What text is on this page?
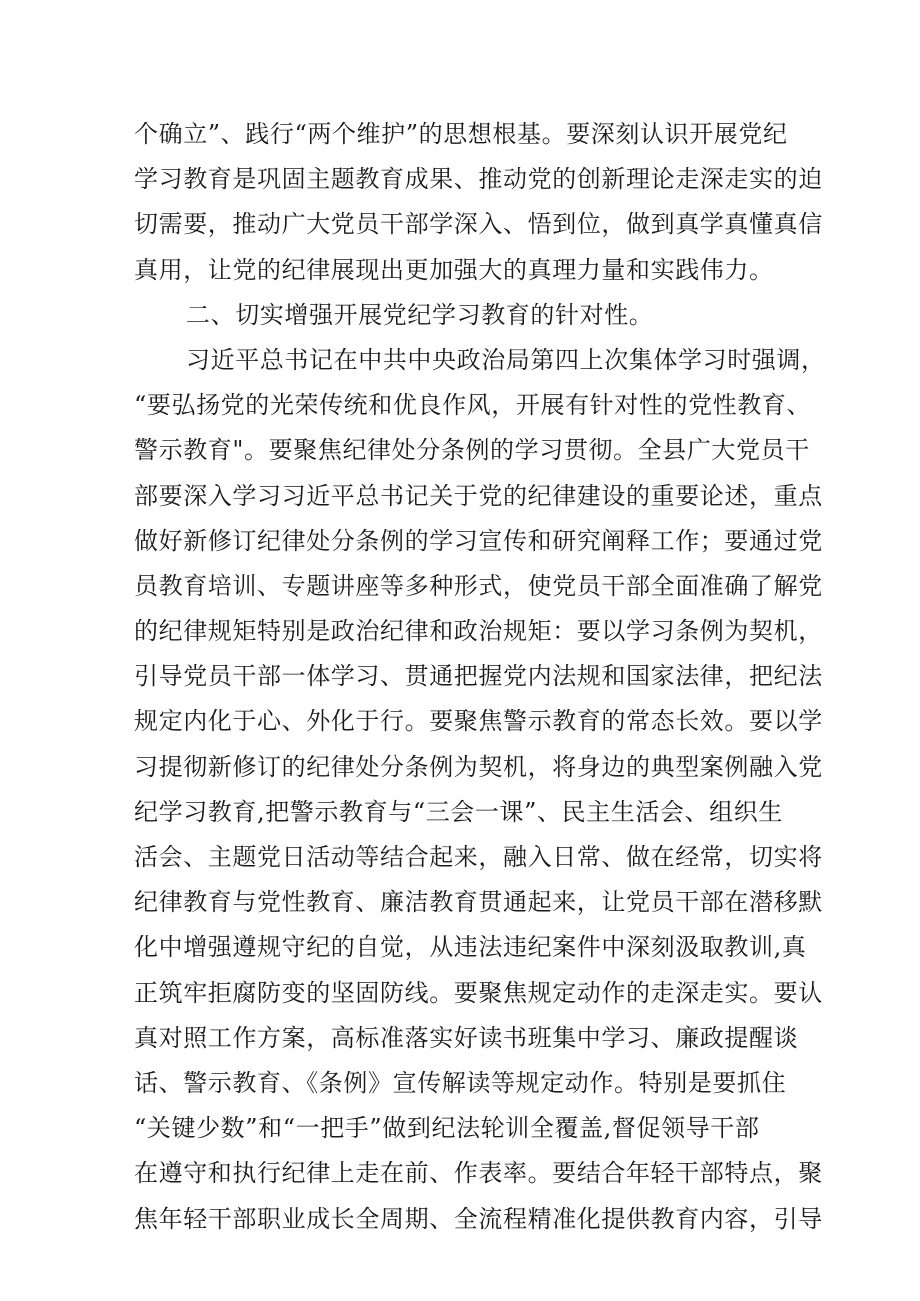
个确立”、践行“两个维护”的思想根基。要深刻认识开展党纪
学习教育是巩固主题教育成果、推动党的创新理论走深走实的迫
切需要，推动广大党员干部学深入、悟到位，做到真学真懂真信
真用，让党的纪律展现出更加强大的真理力量和实践伟力。
二、切实增强开展党纪学习教育的针对性。
习近平总书记在中共中央政治局第四上次集体学习时强调，
“要弘扬党的光荣传统和优良作风，开展有针对性的党性教育、
警示教育"。要聚焦纪律处分条例的学习贯彻。全县广大党员干
部要深入学习习近平总书记关于党的纪律建设的重要论述，重点
做好新修订纪律处分条例的学习宣传和研究阐释工作；要通过党
员教育培训、专题讲座等多种形式，使党员干部全面准确了解党
的纪律规矩特别是政治纪律和政治规矩：要以学习条例为契机，
引导党员干部一体学习、贯通把握党内法规和国家法律，把纪法
规定内化于心、外化于行。要聚焦警示教育的常态长效。要以学
习提彻新修订的纪律处分条例为契机，将身边的典型案例融入党
纪学习教育,把警示教育与“三会一课”、民主生活会、组织生
活会、主题党日活动等结合起来，融入日常、做在经常，切实将
纪律教育与党性教育、廉洁教育贯通起来，让党员干部在潜移默
化中增强遵规守纪的自觉，从违法违纪案件中深刻汲取教训,真
正筑牢拒腐防变的坚固防线。要聚焦规定动作的走深走实。要认
真对照工作方案，高标准落实好读书班集中学习、廉政提醒谈
话、警示教育、《条例》宣传解读等规定动作。特别是要抓住
“关键少数”和“一把手”做到纪法轮训全覆盖,督促领导干部
在遵守和执行纪律上走在前、作表率。要结合年轻干部特点，聚
焦年轻干部职业成长全周期、全流程精准化提供教育内容，引导
